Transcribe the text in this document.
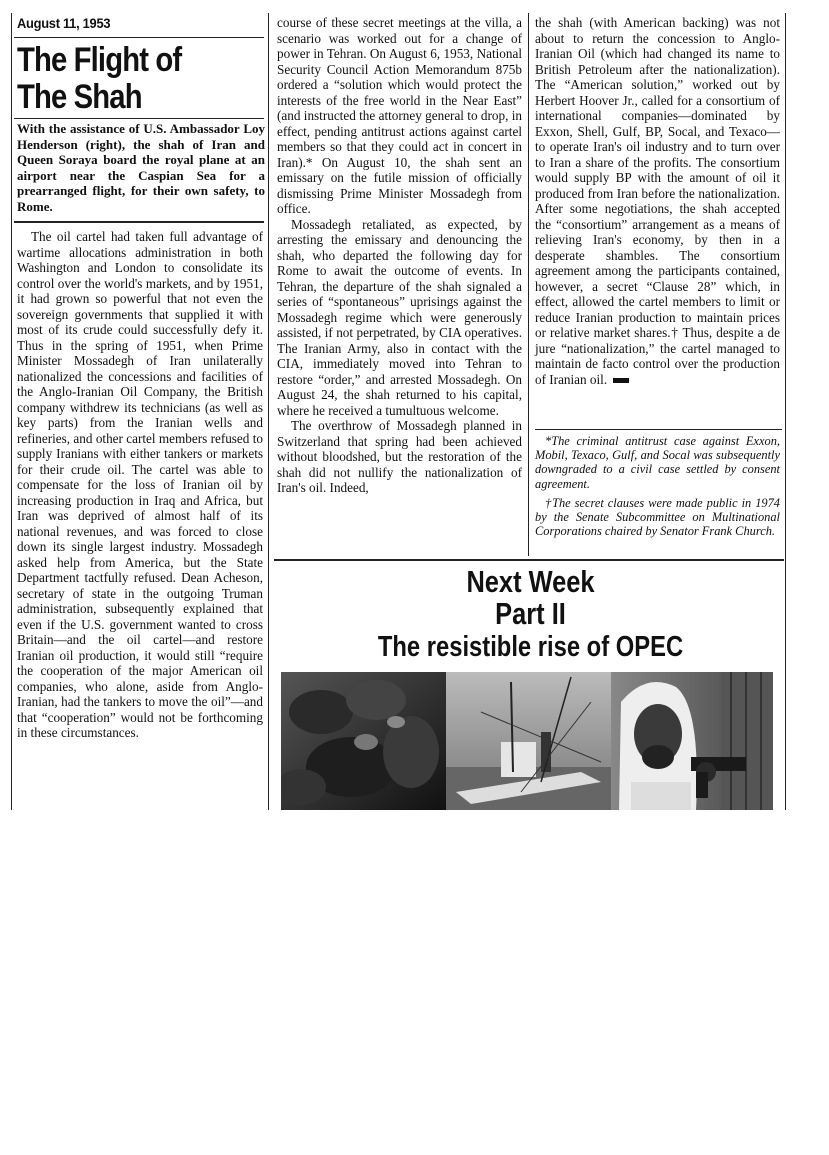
August 11, 1953
The Flight of
The Shah
With the assistance of U.S. Ambassador Loy Henderson (right), the shah of Iran and Queen Soraya board the royal plane at an airport near the Caspian Sea for a prearranged flight, for their own safety, to Rome.

The oil cartel had taken full advantage of wartime allocations administration in both Washington and London to consolidate its control over the world's markets, and by 1951, it had grown so powerful that not even the sovereign governments that supplied it with most of its crude could successfully defy it. Thus in the spring of 1951, when Prime Minister Mossadegh of Iran unilaterally nationalized the concessions and facilities of the Anglo-Iranian Oil Company, the British company withdrew its technicians (as well as key parts) from the Iranian wells and refineries, and other cartel members refused to supply Iranians with either tankers or markets for their crude oil. The cartel was able to compensate for the loss of Iranian oil by increasing production in Iraq and Africa, but Iran was deprived of almost half of its national revenues, and was forced to close down its single largest industry. Mossadegh asked help from America, but the State Department tactfully refused. Dean Acheson, secretary of state in the outgoing Truman administration, subsequently explained that even if the U.S. government wanted to cross Britain—and the oil cartel—and restore Iranian oil production, it would still “require the cooperation of the major American oil companies, who alone, aside from Anglo-Iranian, had the tankers to move the oil”—and that “cooperation” would not be forthcoming in these circumstances.

course of these secret meetings at the villa, a scenario was worked out for a change of power in Tehran. On August 6, 1953, National Security Council Action Memorandum 875b ordered a “solution which would protect the interests of the free world in the Near East” (and instructed the attorney general to drop, in effect, pending antitrust actions against cartel members so that they could act in concert in Iran).* On August 10, the shah sent an emissary on the futile mission of officially dismissing Prime Minister Mossadegh from office.

Mossadegh retaliated, as expected, by arresting the emissary and denouncing the shah, who departed the following day for Rome to await the outcome of events. In Tehran, the departure of the shah signaled a series of “spontaneous” uprisings against the Mossadegh regime which were generously assisted, if not perpetrated, by CIA operatives. The Iranian Army, also in contact with the CIA, immediately moved into Tehran to restore “order,” and arrested Mossadegh. On August 24, the shah returned to his capital, where he received a tumultuous welcome.

The overthrow of Mossadegh planned in Switzerland that spring had been achieved without bloodshed, but the restoration of the shah did not nullify the nationalization of Iran's oil. Indeed,

the shah (with American backing) was not about to return the concession to Anglo-Iranian Oil (which had changed its name to British Petroleum after the nationalization). The “American solution,” worked out by Herbert Hoover Jr., called for a consortium of international companies—dominated by Exxon, Shell, Gulf, BP, Socal, and Texaco—to operate Iran's oil industry and to turn over to Iran a share of the profits. The consortium would supply BP with the amount of oil it produced from Iran before the nationalization. After some negotiations, the shah accepted the “consortium” arrangement as a means of relieving Iran's economy, by then in a desperate shambles. The consortium agreement among the participants contained, however, a secret “Clause 28” which, in effect, allowed the cartel members to limit or reduce Iranian production to maintain prices or relative market shares.† Thus, despite a de jure “nationalization,” the cartel managed to maintain de facto control over the production of Iranian oil.

*The criminal antitrust case against Exxon, Mobil, Texaco, Gulf, and Socal was subsequently downgraded to a civil case settled by consent agreement.

†The secret clauses were made public in 1974 by the Senate Subcommittee on Multinational Corporations chaired by Senator Frank Church.

Next Week
Part II
The resistible rise of OPEC
